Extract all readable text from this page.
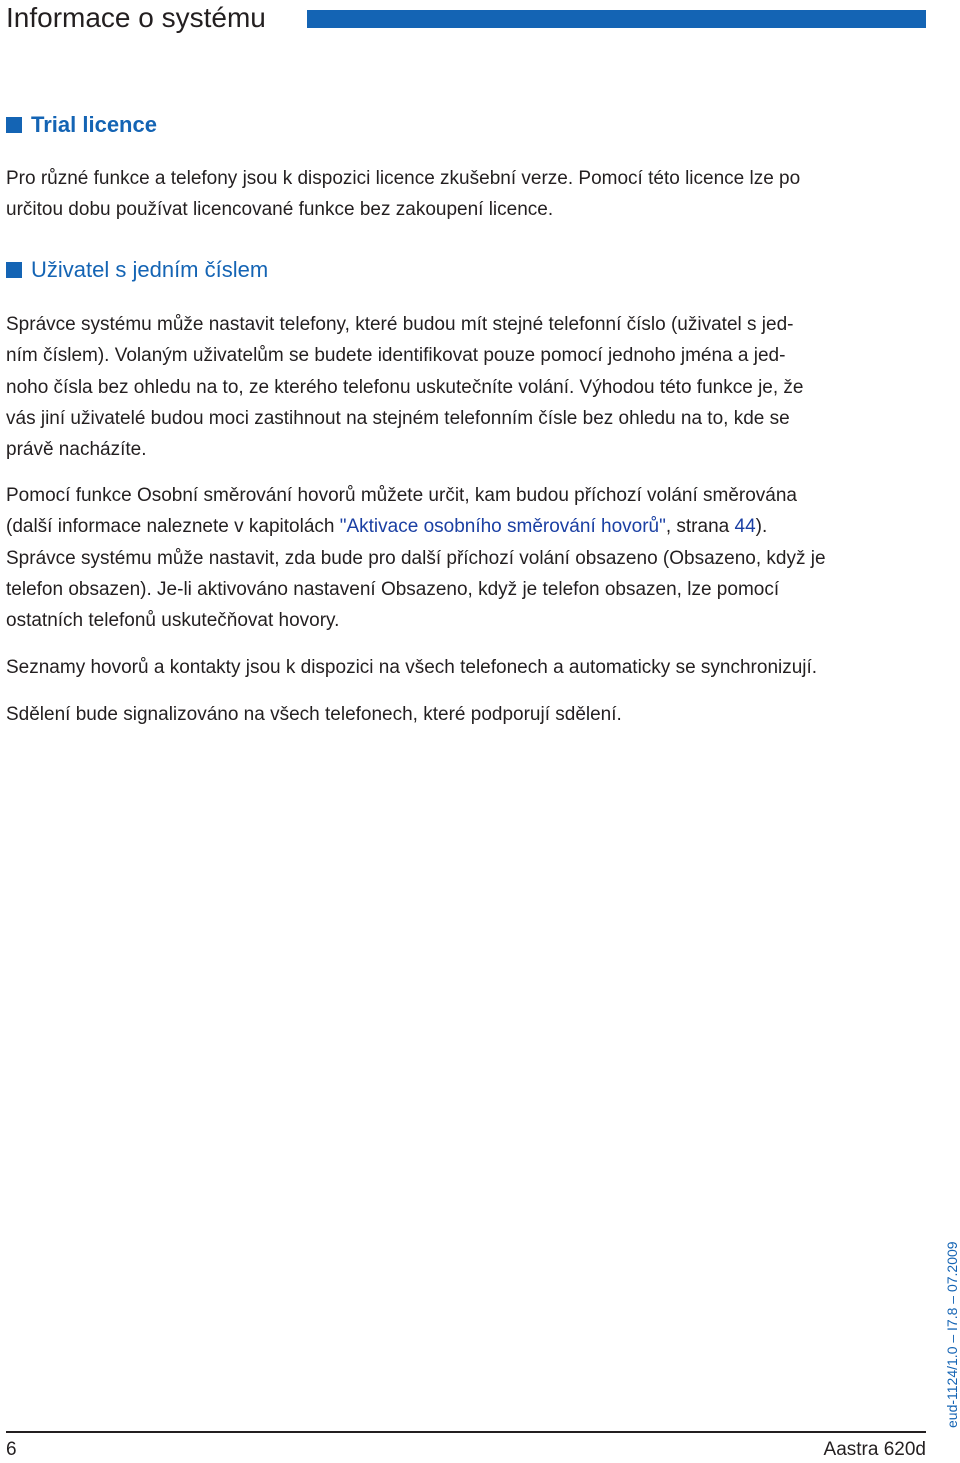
Informace o systému
Trial licence

Pro různé funkce a telefony jsou k dispozici licence zkušební verze. Pomocí této licence lze po
určitou dobu používat licencované funkce bez zakoupení licence.

Uživatel s jedním číslem

Správce systému může nastavit telefony, které budou mít stejné telefonní číslo (uživatel s jed-
ním číslem). Volaným uživatelům se budete identifikovat pouze pomocí jednoho jména a jed-
noho čísla bez ohledu na to, ze kterého telefonu uskutečníte volání. Výhodou této funkce je, že
vás jiní uživatelé budou moci zastihnout na stejném telefonním čísle bez ohledu na to, kde se
právě nacházíte.

Pomocí funkce Osobní směrování hovorů můžete určit, kam budou příchozí volání směrována
(další informace naleznete v kapitolách "Aktivace osobního směrování hovorů", strana 44).
Správce systému může nastavit, zda bude pro další příchozí volání obsazeno (Obsazeno, když je
telefon obsazen). Je-li aktivováno nastavení Obsazeno, když je telefon obsazen, lze pomocí
ostatních telefonů uskutečňovat hovory.

Seznamy hovorů a kontakty jsou k dispozici na všech telefonech a automaticky se synchronizují.

Sdělení bude signalizováno na všech telefonech, které podporují sdělení.

eud-1124/1.0 – I7.8 – 07.2009
6	Aastra 620d
